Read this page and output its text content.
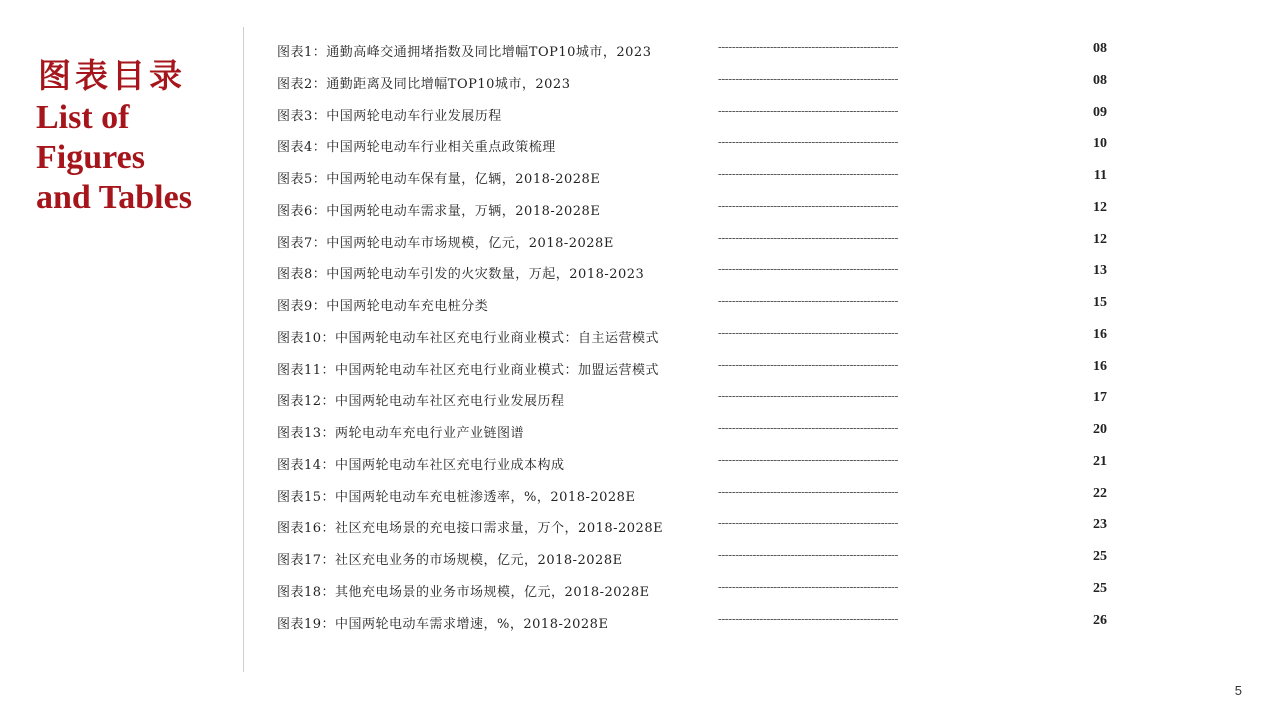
图表目录
List of
Figures
and Tables
图表1：通勤高峰交通拥堵指数及同比增幅TOP10城市，2023	----------------------------------------------------	08
图表2：通勤距离及同比增幅TOP10城市，2023	----------------------------------------------------	08
图表3：中国两轮电动车行业发展历程	----------------------------------------------------	09
图表4：中国两轮电动车行业相关重点政策梳理	----------------------------------------------------	10
图表5：中国两轮电动车保有量，亿辆，2018-2028E	----------------------------------------------------	11
图表6：中国两轮电动车需求量，万辆，2018-2028E	----------------------------------------------------	12
图表7：中国两轮电动车市场规模，亿元，2018-2028E	----------------------------------------------------	12
图表8：中国两轮电动车引发的火灾数量，万起，2018-2023	----------------------------------------------------	13
图表9：中国两轮电动车充电桩分类	----------------------------------------------------	15
图表10：中国两轮电动车社区充电行业商业模式：自主运营模式	----------------------------------------------------	16
图表11：中国两轮电动车社区充电行业商业模式：加盟运营模式	----------------------------------------------------	16
图表12：中国两轮电动车社区充电行业发展历程	----------------------------------------------------	17
图表13：两轮电动车充电行业产业链图谱	----------------------------------------------------	20
图表14：中国两轮电动车社区充电行业成本构成	----------------------------------------------------	21
图表15：中国两轮电动车充电桩渗透率，%，2018-2028E	----------------------------------------------------	22
图表16：社区充电场景的充电接口需求量，万个，2018-2028E	----------------------------------------------------	23
图表17：社区充电业务的市场规模，亿元，2018-2028E	----------------------------------------------------	25
图表18：其他充电场景的业务市场规模，亿元，2018-2028E	----------------------------------------------------	25
图表19：中国两轮电动车需求增速，%，2018-2028E	----------------------------------------------------	26
5
